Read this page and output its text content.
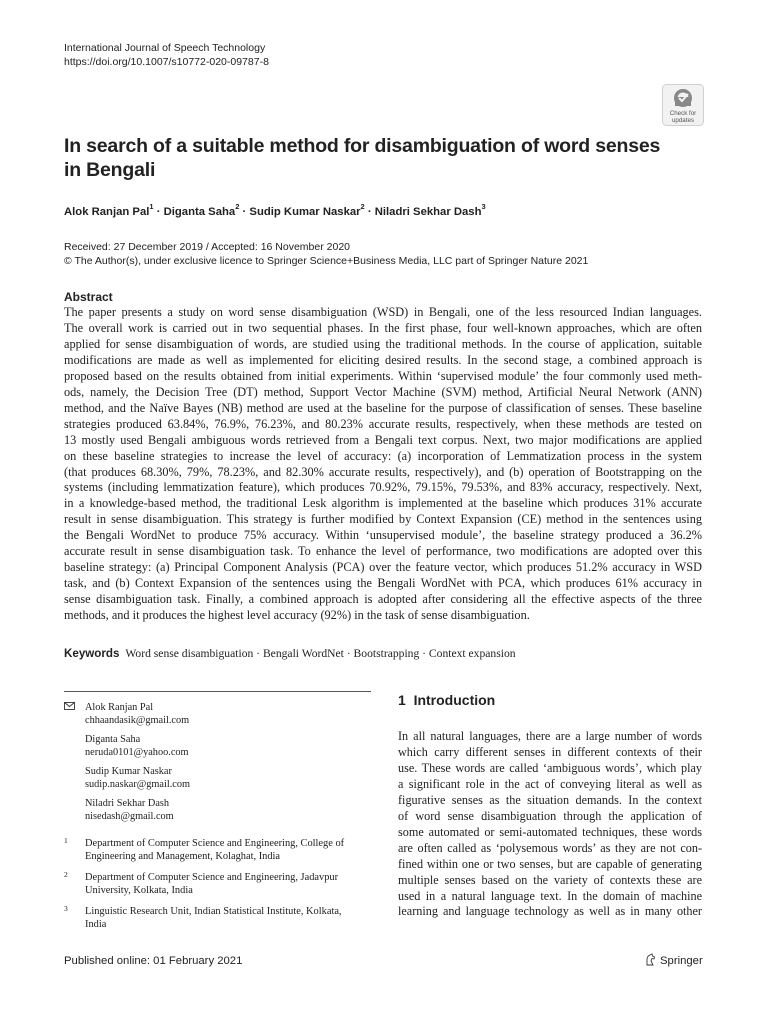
International Journal of Speech Technology
https://doi.org/10.1007/s10772-020-09787-8
Check for
updates
In search of a suitable method for disambiguation of word senses in Bengali
Alok Ranjan Pal$^1$ · Diganta Saha$^2$ · Sudip Kumar Naskar$^2$ · Niladri Sekhar Dash$^3$
Received: 27 December 2019 / Accepted: 16 November 2020
© The Author(s), under exclusive licence to Springer Science+Business Media, LLC part of Springer Nature 2021
Abstract
The paper presents a study on word sense disambiguation (WSD) in Bengali, one of the less resourced Indian languages.
The overall work is carried out in two sequential phases. In the first phase, four well-known approaches, which are often
applied for sense disambiguation of words, are studied using the traditional methods. In the course of application, suitable
modifications are made as well as implemented for eliciting desired results. In the second stage, a combined approach is
proposed based on the results obtained from initial experiments. Within ‘supervised module’ the four commonly used meth-
ods, namely, the Decision Tree (DT) method, Support Vector Machine (SVM) method, Artificial Neural Network (ANN)
method, and the Naïve Bayes (NB) method are used at the baseline for the purpose of classification of senses. These baseline
strategies produced 63.84%, 76.9%, 76.23%, and 80.23% accurate results, respectively, when these methods are tested on
13 mostly used Bengali ambiguous words retrieved from a Bengali text corpus. Next, two major modifications are applied
on these baseline strategies to increase the level of accuracy: (a) incorporation of Lemmatization process in the system
(that produces 68.30%, 79%, 78.23%, and 82.30% accurate results, respectively), and (b) operation of Bootstrapping on the
systems (including lemmatization feature), which produces 70.92%, 79.15%, 79.53%, and 83% accuracy, respectively. Next,
in a knowledge-based method, the traditional Lesk algorithm is implemented at the baseline which produces 31% accurate
result in sense disambiguation. This strategy is further modified by Context Expansion (CE) method in the sentences using
the Bengali WordNet to produce 75% accuracy. Within ‘unsupervised module’, the baseline strategy produced a 36.2%
accurate result in sense disambiguation task. To enhance the level of performance, two modifications are adopted over this
baseline strategy: (a) Principal Component Analysis (PCA) over the feature vector, which produces 51.2% accuracy in WSD
task, and (b) Context Expansion of the sentences using the Bengali WordNet with PCA, which produces 61% accuracy in
sense disambiguation task. Finally, a combined approach is adopted after considering all the effective aspects of the three
methods, and it produces the highest level accuracy (92%) in the task of sense disambiguation.
Keywords Word sense disambiguation · Bengali WordNet · Bootstrapping · Context expansion
Alok Ranjan Pal
chhaandasik@gmail.com
Diganta Saha
neruda0101@yahoo.com
Sudip Kumar Naskar
sudip.naskar@gmail.com
Niladri Sekhar Dash
nisedash@gmail.com
1 Department of Computer Science and Engineering, College of Engineering and Management, Kolaghat, India
2 Department of Computer Science and Engineering, Jadavpur University, Kolkata, India
3 Linguistic Research Unit, Indian Statistical Institute, Kolkata, India
1 Introduction
In all natural languages, there are a large number of words
which carry different senses in different contexts of their
use. These words are called ‘ambiguous words’, which play
a significant role in the act of conveying literal as well as
figurative senses as the situation demands. In the context
of word sense disambiguation through the application of
some automated or semi-automated techniques, these words
are often called as ‘polysemous words’ as they are not con-
fined within one or two senses, but are capable of generating
multiple senses based on the variety of contexts these are
used in a natural language text. In the domain of machine
learning and language technology as well as in many other
Published online: 01 February 2021	Springer
